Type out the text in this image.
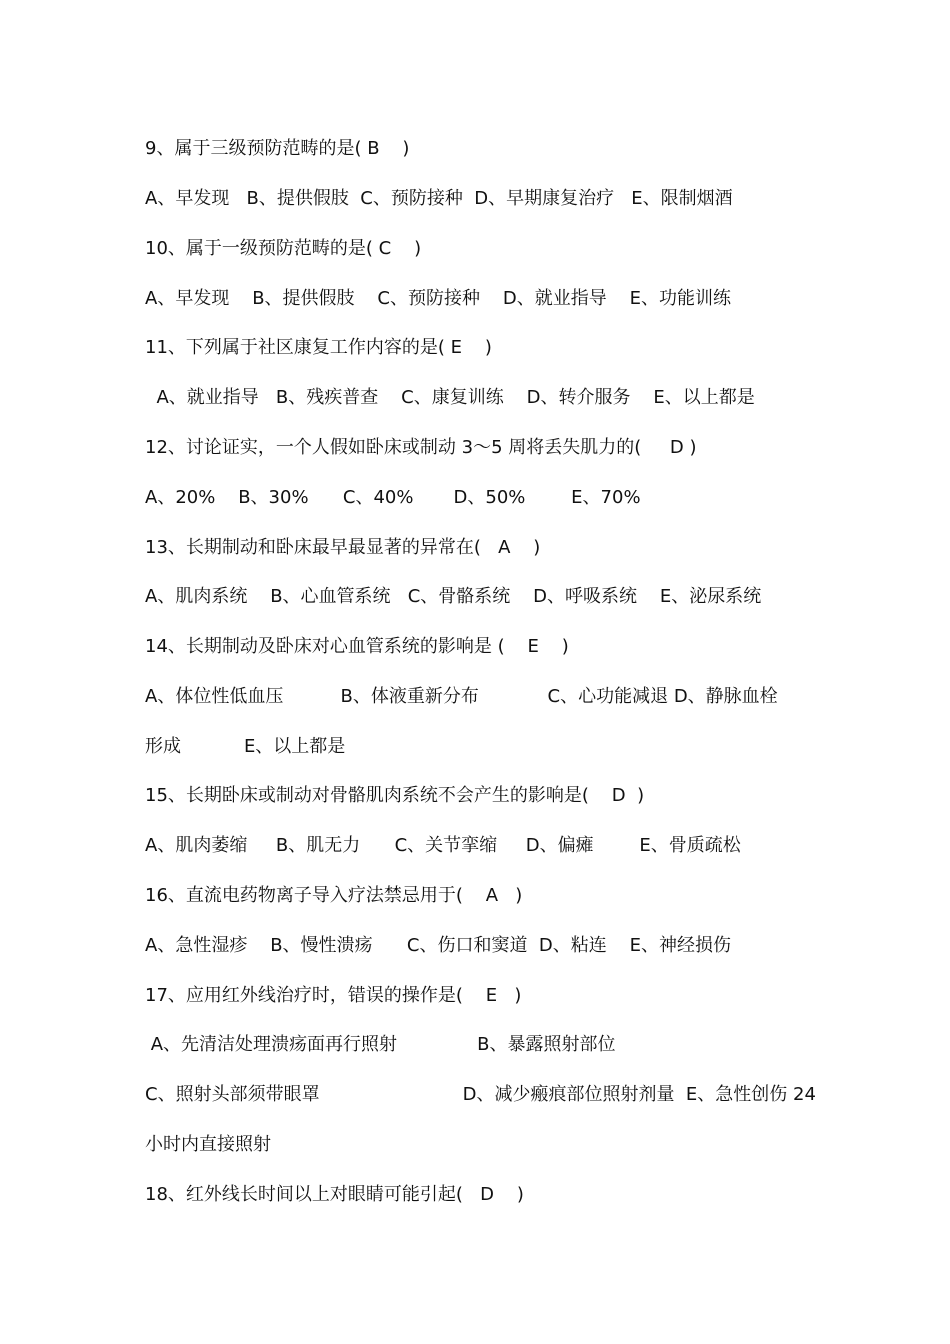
9、属于三级预防范畴的是( B    )
A、早发现   B、提供假肢  C、预防接种  D、早期康复治疗   E、限制烟酒
10、属于一级预防范畴的是( C    )
A、早发现    B、提供假肢    C、预防接种    D、就业指导    E、功能训练
11、下列属于社区康复工作内容的是( E    )
A、就业指导   B、残疾普查    C、康复训练    D、转介服务    E、以上都是
12、讨论证实，一个人假如卧床或制动 3～5 周将丢失肌力的(     D )
A、20%    B、30%      C、40%       D、50%        E、70%
13、长期制动和卧床最早最显著的异常在(   A    )
A、肌肉系统    B、心血管系统   C、骨骼系统    D、呼吸系统    E、泌尿系统
14、长期制动及卧床对心血管系统的影响是 (    E    )
A、体位性低血压          B、体液重新分布            C、心功能减退 D、静脉血栓
形成           E、以上都是
15、长期卧床或制动对骨骼肌肉系统不会产生的影响是(    D  )
A、肌肉萎缩     B、肌无力      C、关节挛缩     D、偏瘫        E、骨质疏松
16、直流电药物离子导入疗法禁忌用于(    A   )
A、急性湿疹    B、慢性溃疡      C、伤口和窦道  D、粘连    E、神经损伤
17、应用红外线治疗时，错误的操作是(    E   )
A、先清洁处理溃疡面再行照射              B、暴露照射部位
C、照射头部须带眼罩                         D、减少瘢痕部位照射剂量  E、急性创伤 24
小时内直接照射
18、红外线长时间以上对眼睛可能引起(   D    )
